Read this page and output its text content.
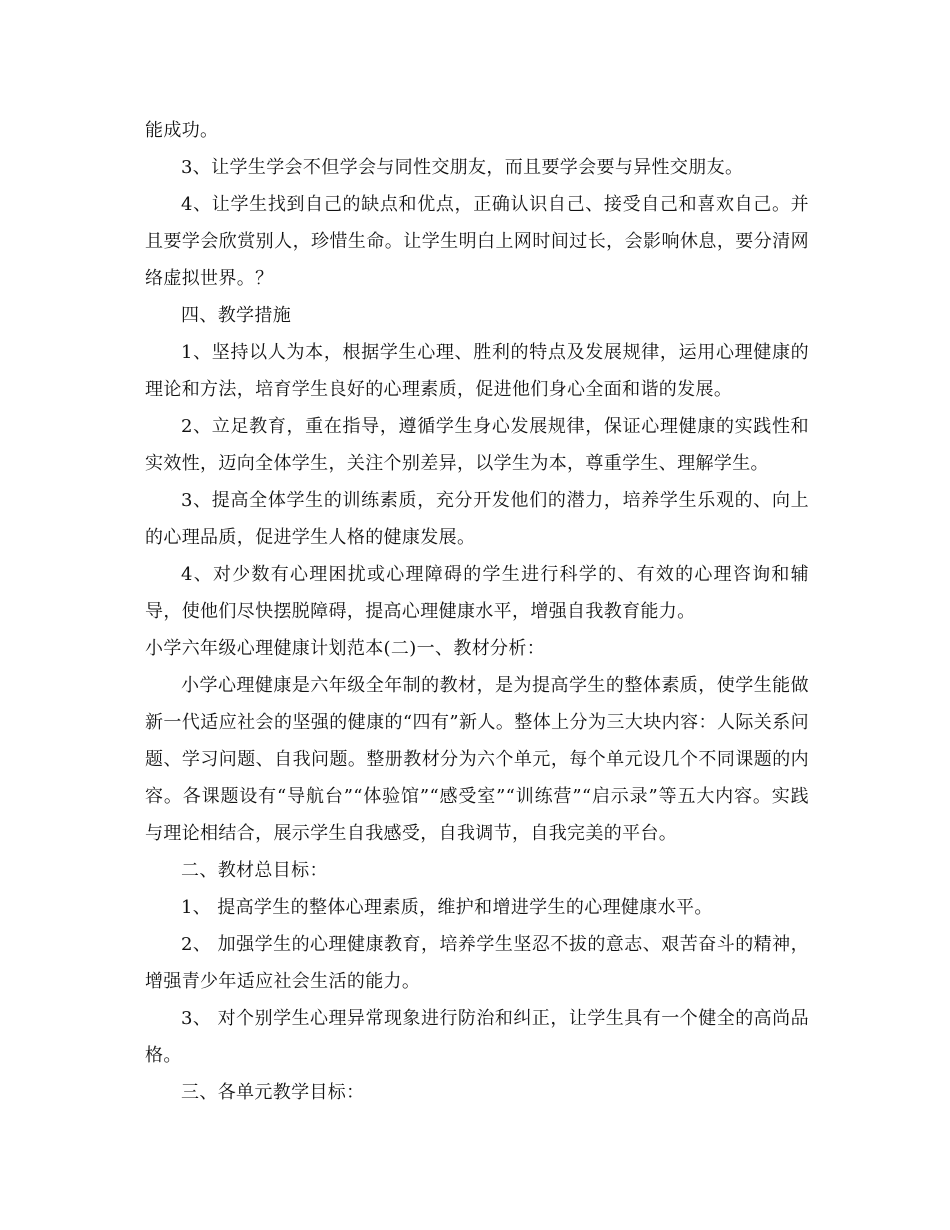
能成功。

3、让学生学会不但学会与同性交朋友，而且要学会要与异性交朋友。

4、让学生找到自己的缺点和优点，正确认识自己、接受自己和喜欢自己。并且要学会欣赏别人，珍惜生命。让学生明白上网时间过长，会影响休息，要分清网络虚拟世界。？

四、教学措施

1、坚持以人为本，根据学生心理、胜利的特点及发展规律，运用心理健康的理论和方法，培育学生良好的心理素质，促进他们身心全面和谐的发展。

2、立足教育，重在指导，遵循学生身心发展规律，保证心理健康的实践性和实效性，迈向全体学生，关注个别差异，以学生为本，尊重学生、理解学生。

3、提高全体学生的训练素质，充分开发他们的潜力，培养学生乐观的、向上的心理品质，促进学生人格的健康发展。

4、对少数有心理困扰或心理障碍的学生进行科学的、有效的心理咨询和辅导，使他们尽快摆脱障碍，提高心理健康水平，增强自我教育能力。

小学六年级心理健康计划范本(二)一、教材分析：

小学心理健康是六年级全年制的教材，是为提高学生的整体素质，使学生能做新一代适应社会的坚强的健康的“四有”新人。整体上分为三大块内容：人际关系问题、学习问题、自我问题。整册教材分为六个单元，每个单元设几个不同课题的内容。各课题设有“导航台”“体验馆”“感受室”“训练营”“启示录”等五大内容。实践与理论相结合，展示学生自我感受，自我调节，自我完美的平台。

二、教材总目标：

1、 提高学生的整体心理素质，维护和增进学生的心理健康水平。

2、 加强学生的心理健康教育，培养学生坚忍不拔的意志、艰苦奋斗的精神，增强青少年适应社会生活的能力。

3、 对个别学生心理异常现象进行防治和纠正，让学生具有一个健全的高尚品格。

三、各单元教学目标：
